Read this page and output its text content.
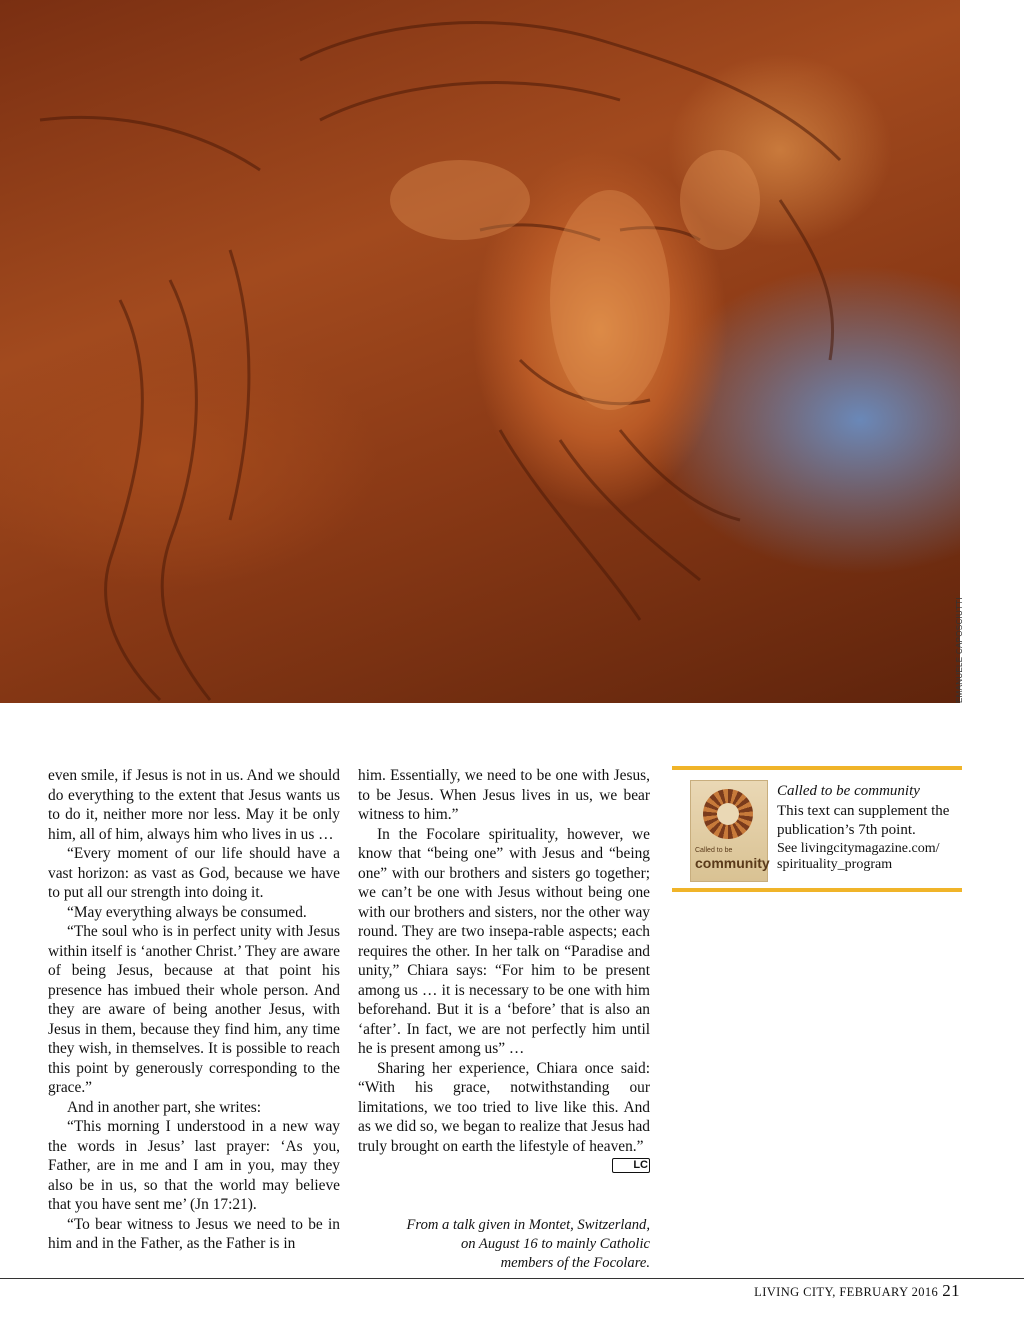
EMANUELE CAPOSCIUTTI

even smile, if Jesus is not in us. And we should do everything to the extent that Jesus wants us to do it, neither more nor less. May it be only him, all of him, always him who lives in us …

“Every moment of our life should have a vast horizon: as vast as God, because we have to put all our strength into doing it.

“May everything always be consumed.

“The soul who is in perfect unity with Jesus within itself is ‘another Christ.’ They are aware of being Jesus, because at that point his presence has imbued their whole person. And they are aware of being another Jesus, with Jesus in them, because they find him, any time they wish, in themselves. It is possible to reach this point by generously corresponding to the grace.”

And in another part, she writes:

“This morning I understood in a new way the words in Jesus’ last prayer: ‘As you, Father, are in me and I am in you, may they also be in us, so that the world may believe that you have sent me’ (Jn 17:21).

“To bear witness to Jesus we need to be in him and in the Father, as the Father is in

him. Essentially, we need to be one with Jesus, to be Jesus. When Jesus lives in us, we bear witness to him.”

In the Focolare spirituality, however, we know that “being one” with Jesus and “being one” with our brothers and sisters go together; we can’t be one with Jesus without being one with our brothers and sisters, nor the other way round. They are two insepa-rable aspects; each requires the other. In her talk on “Paradise and unity,” Chiara says: “For him to be present among us … it is necessary to be one with him beforehand. But it is a ‘before’ that is also an ‘after’. In fact, we are not perfectly him until he is present among us” …

Sharing her experience, Chiara once said: “With his grace, notwithstanding our limitations, we too tried to live like this. And as we did so, we began to realize that Jesus had truly brought on earth the lifestyle of heaven.”
LC

From a talk given in Montet, Switzerland,
on August 16 to mainly Catholic
members of the Focolare.
Called to be
community
Called to be community
This text can supplement the publication’s 7th point.
See livingcitymagazine.com/
spirituality_program
LIVING CITY, FEBRUARY 2016 21
